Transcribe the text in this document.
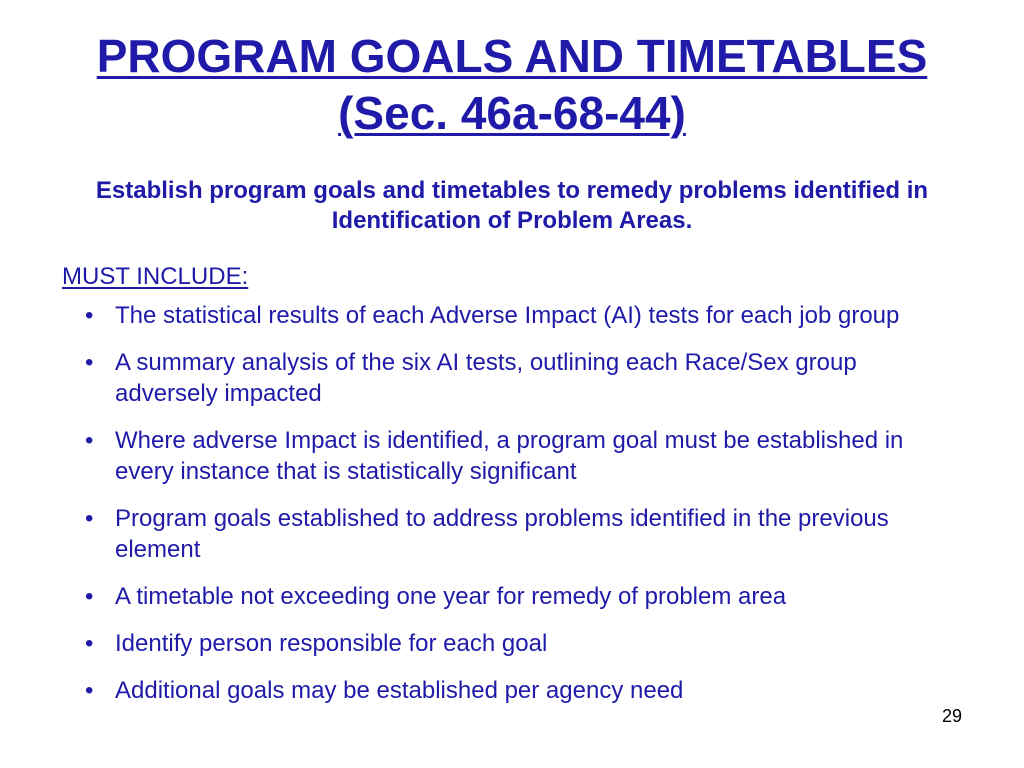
PROGRAM GOALS AND TIMETABLES (Sec. 46a-68-44)
Establish program goals and timetables to remedy problems identified in Identification of Problem Areas.
MUST INCLUDE:
• The statistical results of each Adverse Impact (AI) tests for each job group
• A summary analysis of the six AI tests, outlining each Race/Sex group adversely impacted
• Where adverse Impact is identified, a program goal must be established in every instance that is statistically significant
• Program goals established to address problems identified in the previous element
• A timetable not exceeding one year for remedy of problem area
• Identify person responsible for each goal
• Additional goals may be established per agency need
29
